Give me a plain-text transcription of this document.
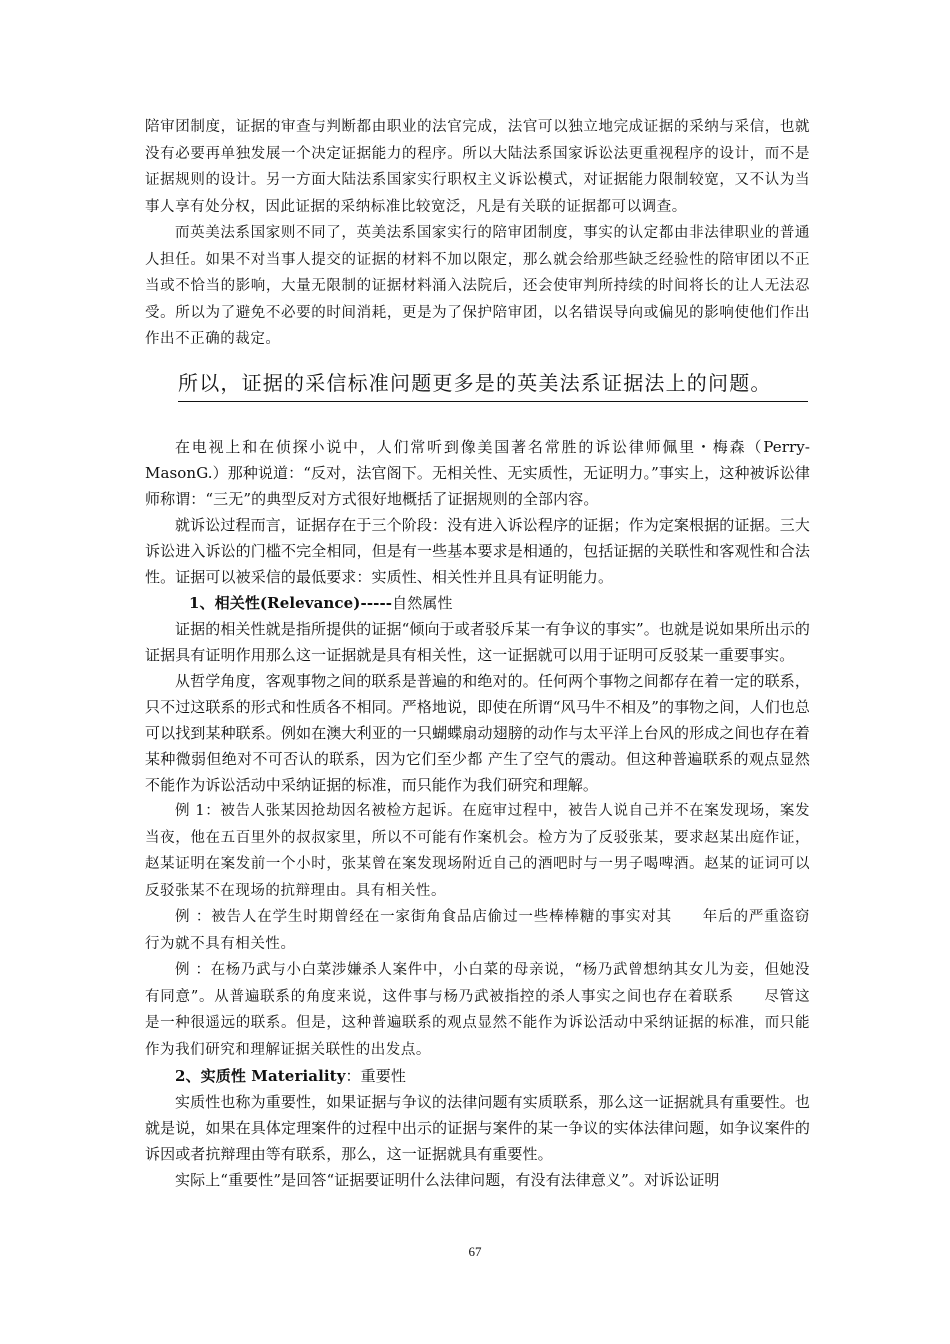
陪审团制度，证据的审查与判断都由职业的法官完成，法官可以独立地完成证据的采纳与采信，也就没有必要再单独发展一个决定证据能力的程序。所以大陆法系国家诉讼法更重视程序的设计，而不是证据规则的设计。另一方面大陆法系国家实行职权主义诉讼模式，对证据能力限制较宽，又不认为当事人享有处分权，因此证据的采纳标准比较宽泛，凡是有关联的证据都可以调查。

而英美法系国家则不同了，英美法系国家实行的陪审团制度，事实的认定都由非法律职业的普通人担任。如果不对当事人提交的证据的材料不加以限定，那么就会给那些缺乏经验性的陪审团以不正当或不恰当的影响，大量无限制的证据材料涌入法院后，还会使审判所持续的时间将长的让人无法忍受。所以为了避免不必要的时间消耗，更是为了保护陪审团，以名错误导向或偏见的影响使他们作出作出不正确的裁定。

所以，证据的采信标准问题更多是的英美法系证据法上的问题。

在电视上和在侦探小说中，人们常听到像美国著名常胜的诉讼律师佩里・梅森（Perry-MasonG.）那种说道：“反对，法官阁下。无相关性、无实质性，无证明力。”事实上，这种被诉讼律师称谓：“三无”的典型反对方式很好地概括了证据规则的全部内容。

就诉讼过程而言，证据存在于三个阶段：没有进入诉讼程序的证据；作为定案根据的证据。三大诉讼进入诉讼的门槛不完全相同，但是有一些基本要求是相通的，包括证据的关联性和客观性和合法性。证据可以被采信的最低要求：实质性、相关性并且具有证明能力。

1、相关性(Relevance)-----自然属性

证据的相关性就是指所提供的证据“倾向于或者驳斥某一有争议的事实”。也就是说如果所出示的证据具有证明作用那么这一证据就是具有相关性，这一证据就可以用于证明可反驳某一重要事实。

从哲学角度，客观事物之间的联系是普遍的和绝对的。任何两个事物之间都存在着一定的联系，只不过这联系的形式和性质各不相同。严格地说，即使在所谓“风马牛不相及”的事物之间，人们也总可以找到某种联系。例如在澳大利亚的一只蝴蝶扇动翅膀的动作与太平洋上台风的形成之间也存在着某种微弱但绝对不可否认的联系，因为它们至少都 产生了空气的震动。但这种普遍联系的观点显然不能作为诉讼活动中采纳证据的标准，而只能作为我们研究和理解。

例 1：被告人张某因抢劫因名被检方起诉。在庭审过程中，被告人说自己并不在案发现场，案发当夜，他在五百里外的叔叔家里，所以不可能有作案机会。检方为了反驳张某，要求赵某出庭作证，赵某证明在案发前一个小时，张某曾在案发现场附近自己的酒吧时与一男子喝啤酒。赵某的证词可以反驳张某不在现场的抗辩理由。具有相关性。

例 ：被告人在学生时期曾经在一家街角食品店偷过一些棒棒糖的事实对其　　年后的严重盗窃行为就不具有相关性。

例 ：在杨乃武与小白菜涉嫌杀人案件中，小白菜的母亲说，“杨乃武曾想纳其女儿为妾，但她没有同意”。从普遍联系的角度来说，这件事与杨乃武被指控的杀人事实之间也存在着联系　　尽管这是一种很遥远的联系。但是，这种普遍联系的观点显然不能作为诉讼活动中采纳证据的标准，而只能作为我们研究和理解证据关联性的出发点。

2、实质性 Materiality：重要性

实质性也称为重要性，如果证据与争议的法律问题有实质联系，那么这一证据就具有重要性。也就是说，如果在具体定理案件的过程中出示的证据与案件的某一争议的实体法律问题，如争议案件的诉因或者抗辩理由等有联系，那么，这一证据就具有重要性。

实际上“重要性”是回答“证据要证明什么法律问题，有没有法律意义”。对诉讼证明

67
